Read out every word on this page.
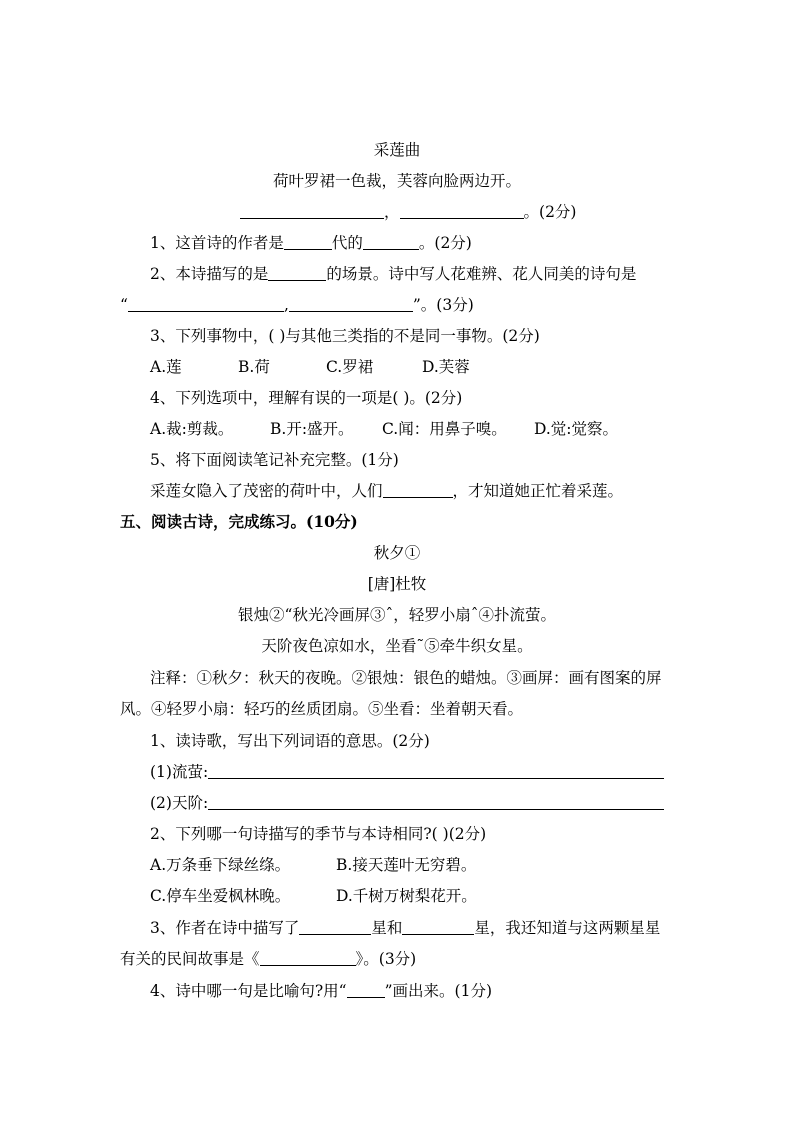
采莲曲
荷叶罗裙一色裁，芙蓉向脸两边开。
，	。(2分)
1、这首诗的作者是	代的	。(2分)
2、本诗描写的是	的场景。诗中写人花难辨、花人同美的诗句是
“	,	”。(3分)
3、下列事物中，( )与其他三类指的不是同一事物。(2分)
A.莲	B.荷	C.罗裙	D.芙蓉
4、下列选项中，理解有误的一项是( )。(2分)
A.裁:剪裁。 B.开:盛开。 C.闻：用鼻子嗅。 D.觉:觉察。
5、将下面阅读笔记补充完整。(1分)
采莲女隐入了茂密的荷叶中，人们	，才知道她正忙着采莲。
五、阅读古诗，完成练习。(10分)
秋夕①
[唐]杜牧
银烛②“秋光冷画屏③ˆ，轻罗小扇ˆ④扑流萤。
天阶夜色凉如水，坐看˜⑤牵牛织女星。
注释：①秋夕：秋天的夜晚。②银烛：银色的蜡烛。③画屏：画有图案的屏
风。④轻罗小扇：轻巧的丝质团扇。⑤坐看：坐着朝天看。
1、读诗歌，写出下列词语的意思。(2分)
(1)流萤:
(2)天阶:
2、下列哪一句诗描写的季节与本诗相同?( )(2分)
A.万条垂下绿丝绦。	B.接天莲叶无穷碧。
C.停车坐爱枫林晚。	D.千树万树梨花开。
3、作者在诗中描写了	星和	星，我还知道与这两颗星星
有关的民间故事是《	》。(3分)
4、诗中哪一句是比喻句?用“ ”画出来。(1分)
